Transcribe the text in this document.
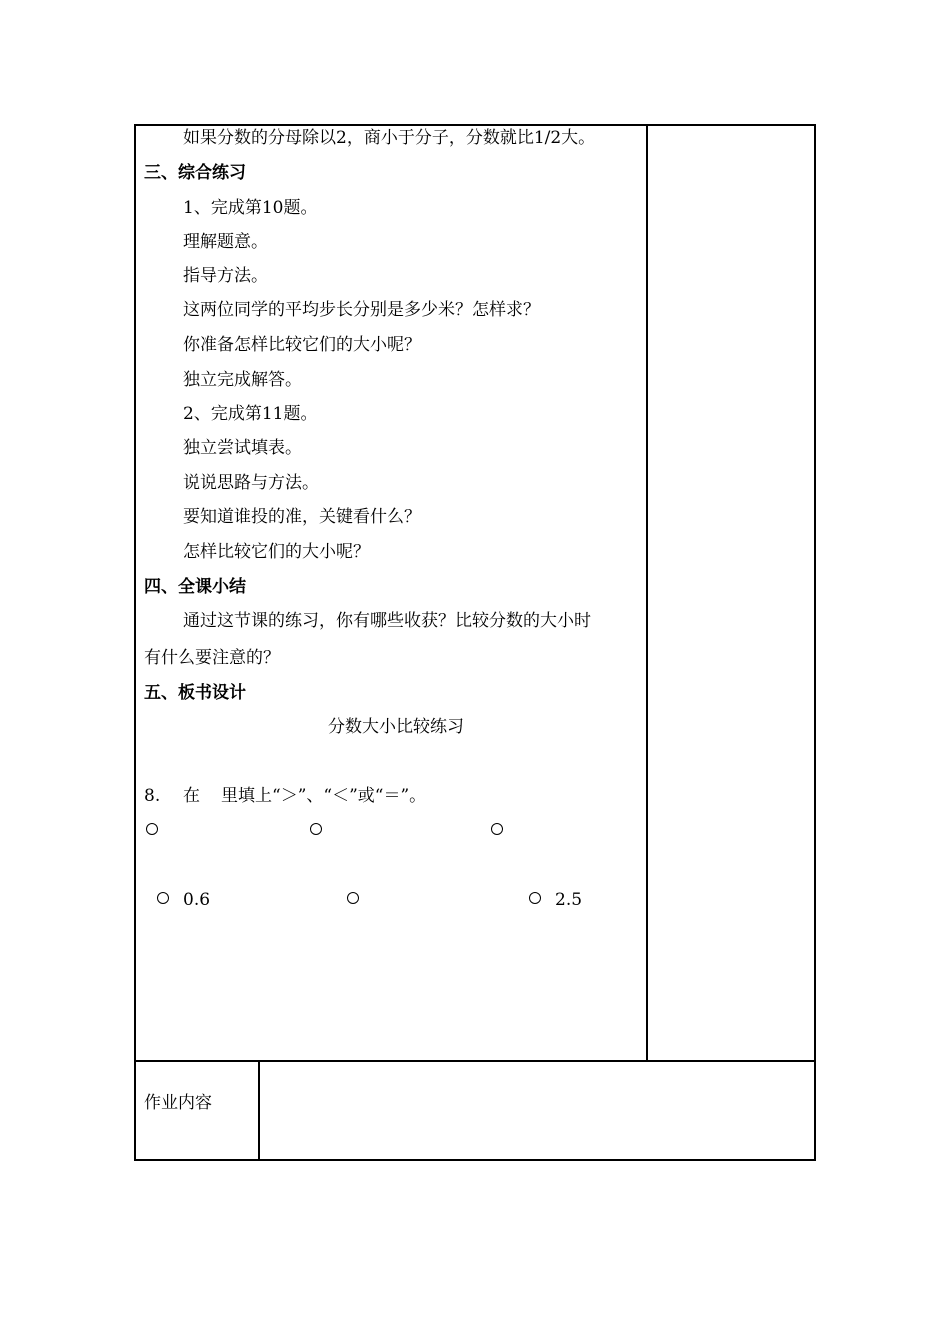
如果分数的分母除以2，商小于分子，分数就比1/2大。
三、综合练习
1、完成第10题。
理解题意。
指导方法。
这两位同学的平均步长分别是多少米？怎样求？
你准备怎样比较它们的大小呢？
独立完成解答。
2、完成第11题。
独立尝试填表。
说说思路与方法。
要知道谁投的准，关键看什么？
怎样比较它们的大小呢？
四、全课小结
通过这节课的练习，你有哪些收获？比较分数的大小时
有什么要注意的？
五、板书设计
分数大小比较练习
8. 在 里填上“＞”、“＜”或“＝”。
0.6	2.5
作业内容
